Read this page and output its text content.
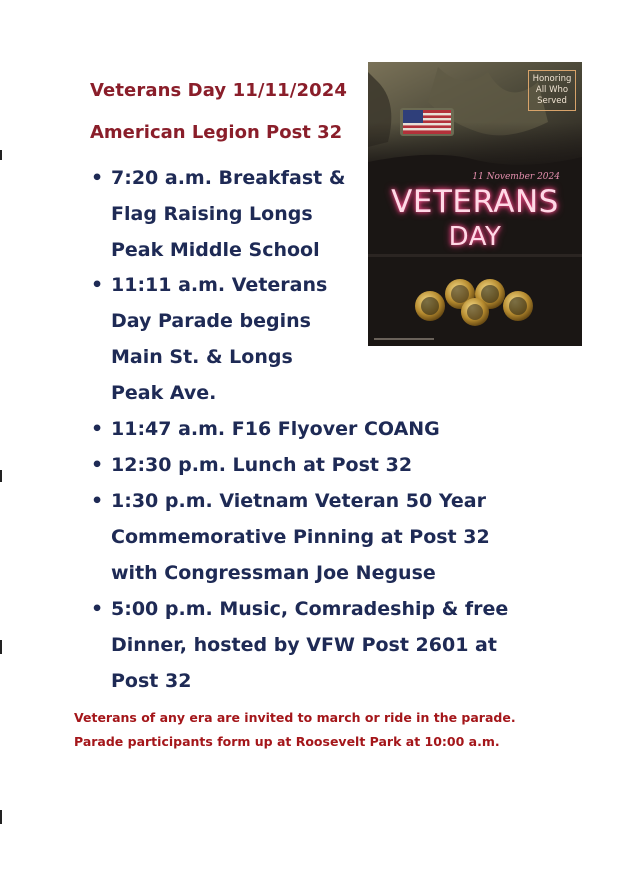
Veterans Day 11/11/2024
American Legion Post 32
• 7:20 a.m. Breakfast &
Flag Raising Longs
Peak Middle School
• 11:11 a.m. Veterans
Day Parade begins
Main St. & Longs
Peak Ave.
• 11:47 a.m. F16 Flyover COANG
• 12:30 p.m. Lunch at Post 32
• 1:30 p.m. Vietnam Veteran 50 Year
Commemorative Pinning at Post 32
with Congressman Joe Neguse
• 5:00 p.m. Music, Comradeship & free
Dinner, hosted by VFW Post 2601 at
Post 32
Veterans of any era are invited to march or ride in the parade.
Parade participants form up at Roosevelt Park at 10:00 a.m.
Honoring
All Who
Served
11 November 2024
VETERANS
DAY
